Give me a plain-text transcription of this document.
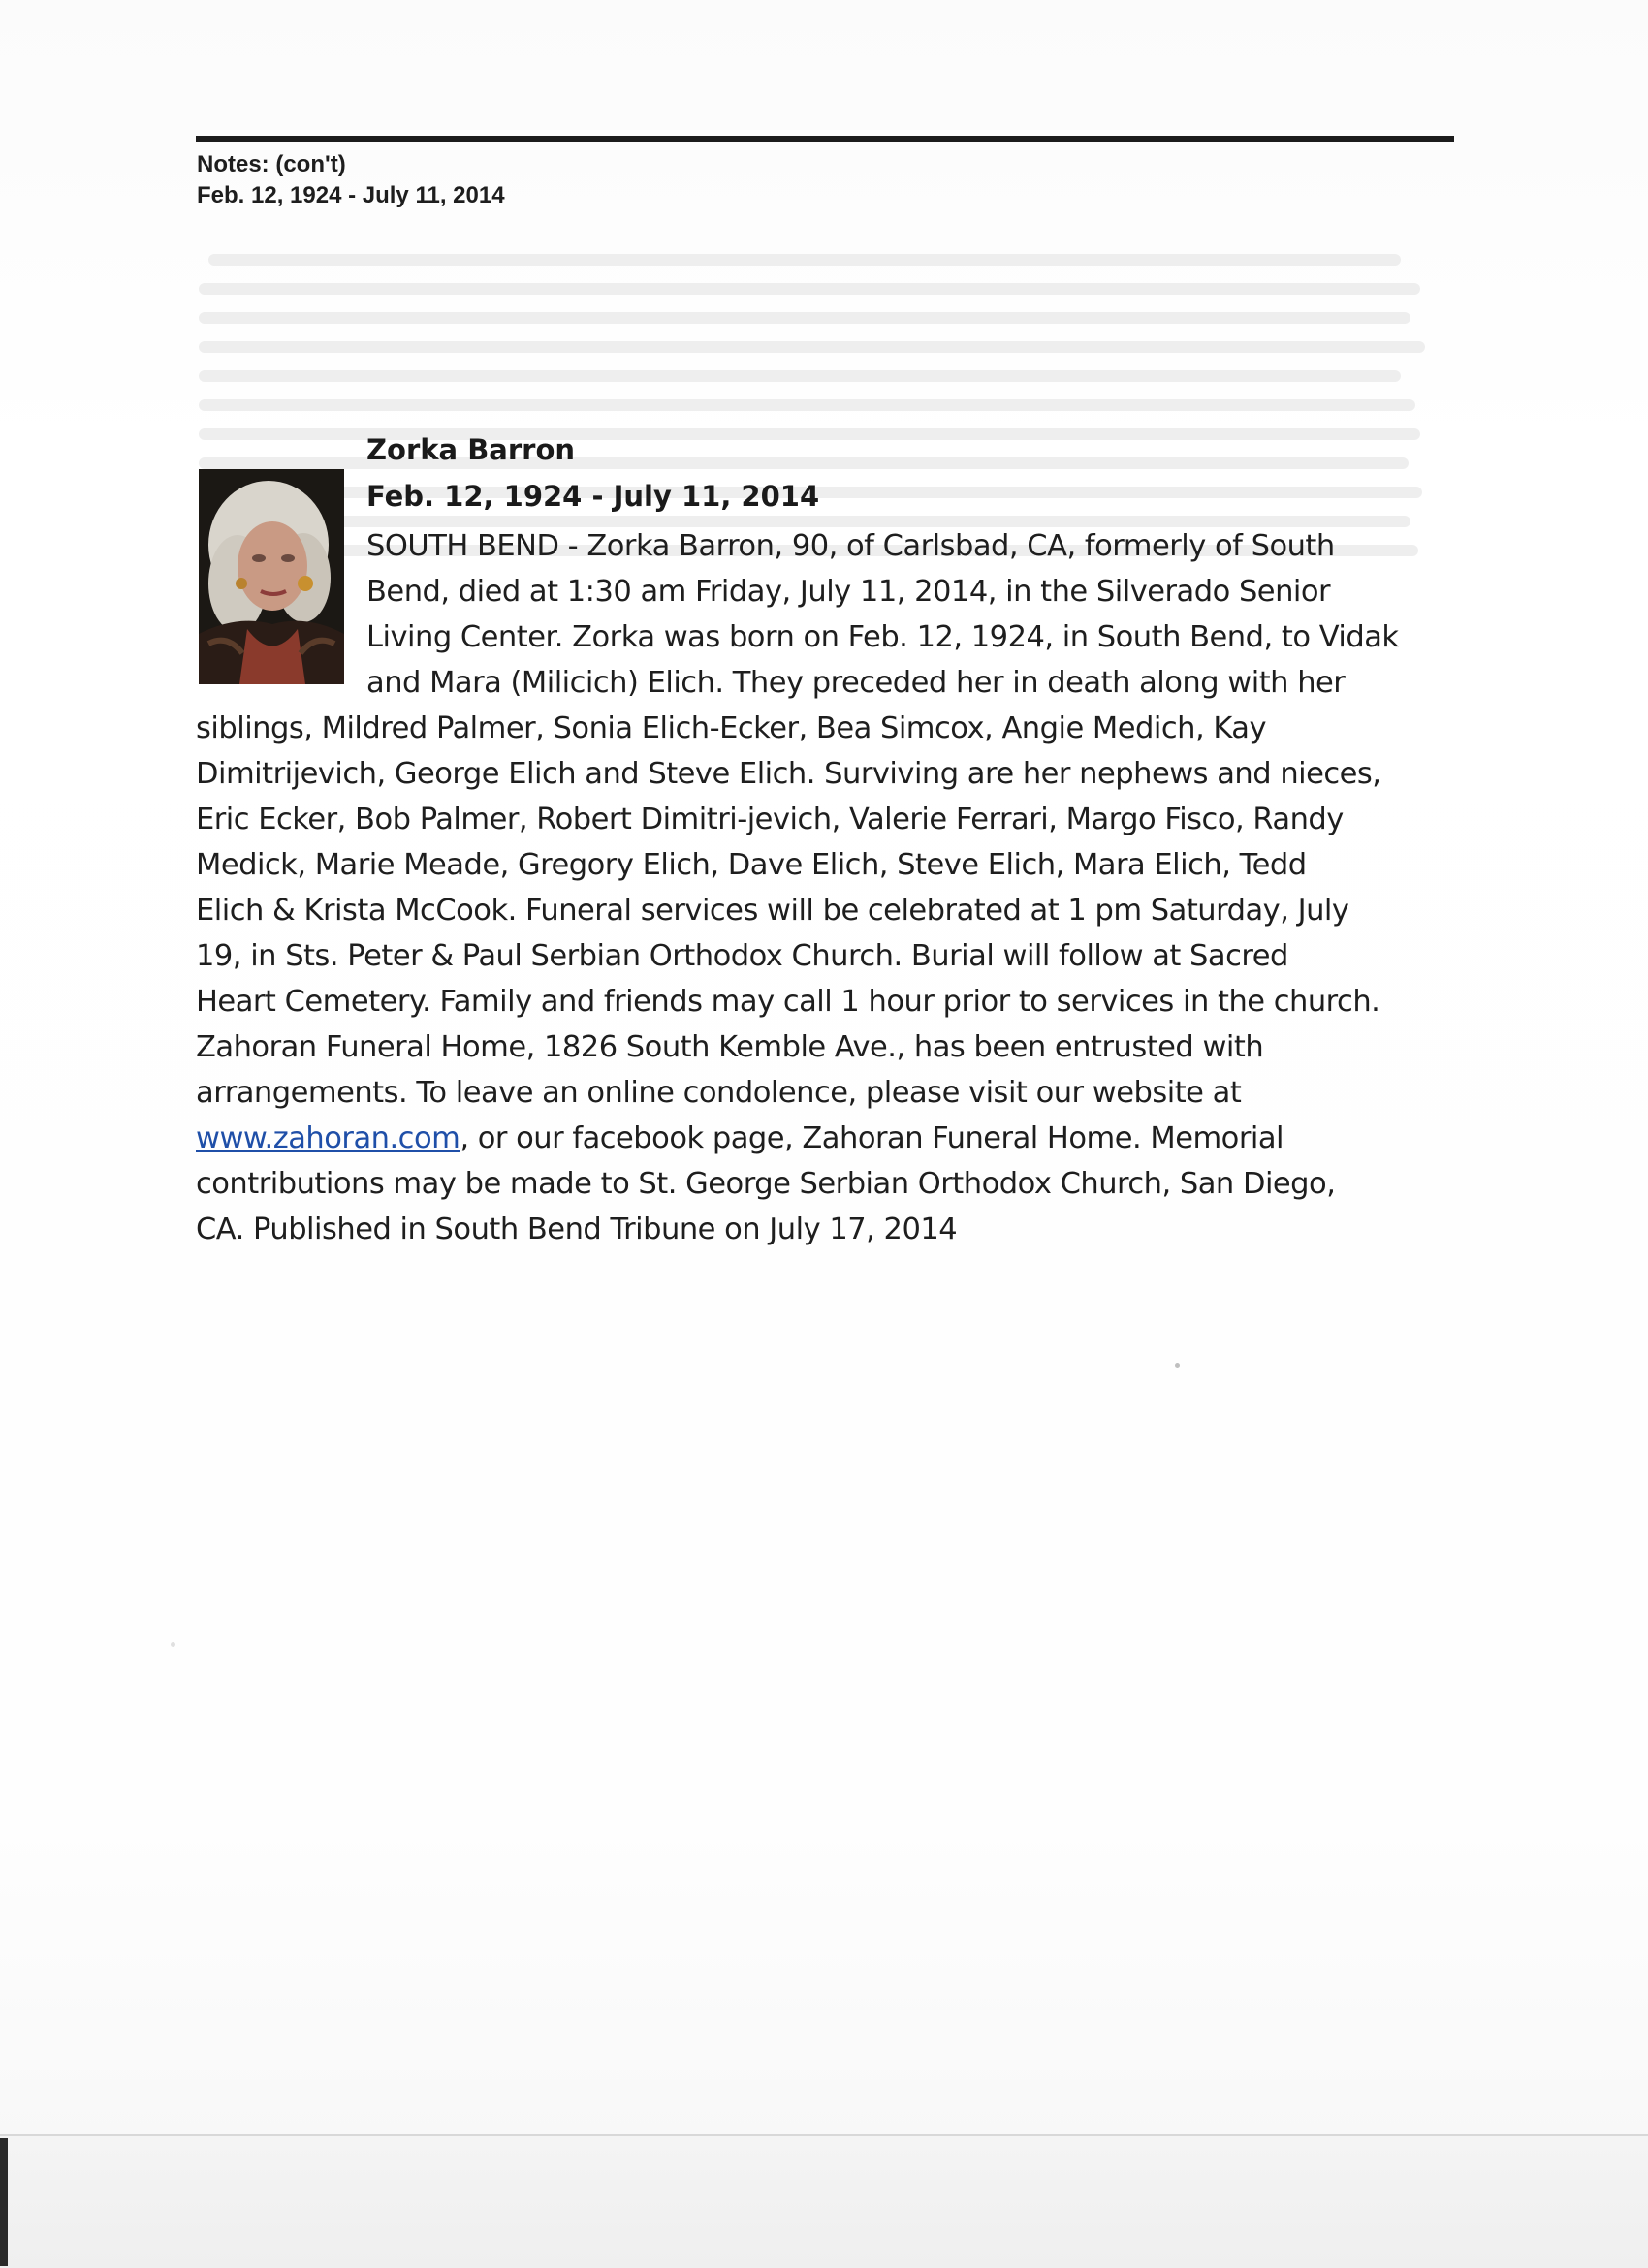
Notes: (con't)
Feb. 12, 1924 - July 11, 2014
Zorka Barron
Feb. 12, 1924 - July 11, 2014
SOUTH BEND - Zorka Barron, 90, of Carlsbad, CA, formerly of South
Bend, died at 1:30 am Friday, July 11, 2014, in the Silverado Senior
Living Center. Zorka was born on Feb. 12, 1924, in South Bend, to Vidak
and Mara (Milicich) Elich. They preceded her in death along with her
siblings, Mildred Palmer, Sonia Elich-Ecker, Bea Simcox, Angie Medich, Kay
Dimitrijevich, George Elich and Steve Elich. Surviving are her nephews and nieces,
Eric Ecker, Bob Palmer, Robert Dimitri-jevich, Valerie Ferrari, Margo Fisco, Randy
Medick, Marie Meade, Gregory Elich, Dave Elich, Steve Elich, Mara Elich, Tedd
Elich & Krista McCook. Funeral services will be celebrated at 1 pm Saturday, July
19, in Sts. Peter & Paul Serbian Orthodox Church. Burial will follow at Sacred
Heart Cemetery. Family and friends may call 1 hour prior to services in the church.
Zahoran Funeral Home, 1826 South Kemble Ave., has been entrusted with
arrangements. To leave an online condolence, please visit our website at
www.zahoran.com, or our facebook page, Zahoran Funeral Home. Memorial
contributions may be made to St. George Serbian Orthodox Church, San Diego,
CA. Published in South Bend Tribune on July 17, 2014
